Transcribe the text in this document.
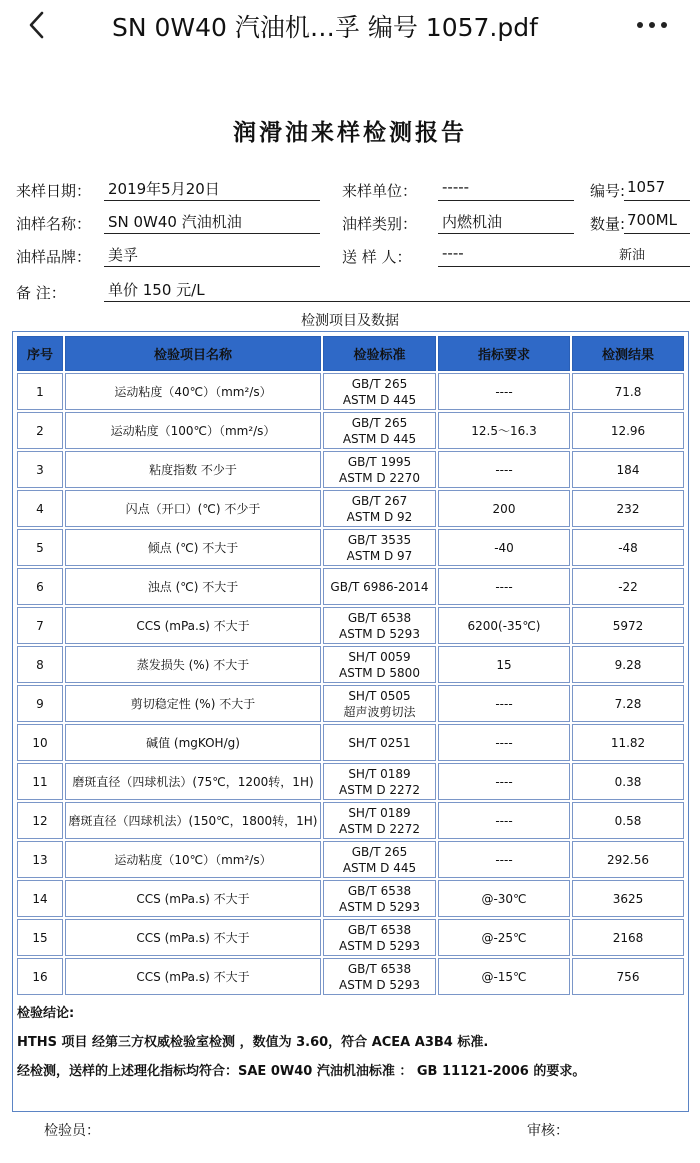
SN 0W40 汽油机…孚 编号 1057.pdf
润滑油来样检测报告
来样日期： 2019年5月20日	来样单位： -----	编号: 1057
油样名称： SN 0W40 汽油机油	油样类别： 内燃机油	数量: 700ML
油样品牌： 美孚	送 样 人： ----	新油
备 注：	单价 150 元/L
检测项目及数据
序号	检验项目名称	检验标准	指标要求	检测结果
1	运动粘度（40℃）（mm²/s）	GB/T 265
ASTM D 445	----	71.8
2	运动粘度（100℃）（mm²/s）	GB/T 265
ASTM D 445	12.5～16.3	12.96
3	粘度指数 不少于	GB/T 1995
ASTM D 2270	----	184
4	闪点（开口）(℃) 不少于	GB/T 267
ASTM D 92	200	232
5	倾点 (℃) 不大于	GB/T 3535
ASTM D 97	-40	-48
6	浊点 (℃) 不大于	GB/T 6986-2014	----	-22
7	CCS (mPa.s) 不大于	GB/T 6538
ASTM D 5293	6200(-35℃)	5972
8	蒸发损失 (%) 不大于	SH/T 0059
ASTM D 5800	15	9.28
9	剪切稳定性 (%) 不大于	SH/T 0505
超声波剪切法	----	7.28
10	碱值 (mgKOH/g)	SH/T 0251	----	11.82
11	磨斑直径（四球机法）(75℃，1200转，1H)	SH/T 0189
ASTM D 2272	----	0.38
12	磨斑直径（四球机法）(150℃，1800转，1H)	SH/T 0189
ASTM D 2272	----	0.58
13	运动粘度（10℃）（mm²/s）	GB/T 265
ASTM D 445	----	292.56
14	CCS (mPa.s) 不大于	GB/T 6538
ASTM D 5293	@-30℃	3625
15	CCS (mPa.s) 不大于	GB/T 6538
ASTM D 5293	@-25℃	2168
16	CCS (mPa.s) 不大于	GB/T 6538
ASTM D 5293	@-15℃	756
检验结论:
HTHS 项目 经第三方权威检验室检测 ，数值为 3.60，符合 ACEA A3B4 标准.
经检测，送样的上述理化指标均符合：SAE 0W40 汽油机油标准 ： GB 11121-2006 的要求。
检验员：	审核：
